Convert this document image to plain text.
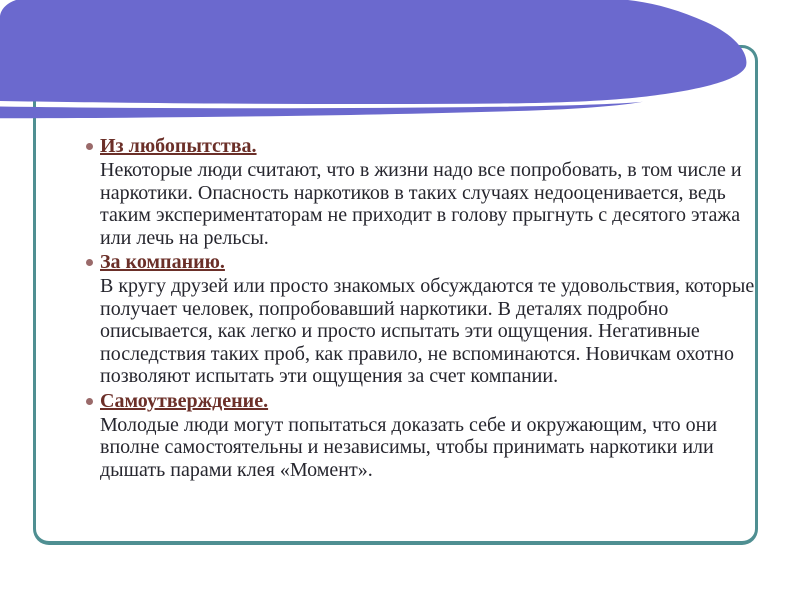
Из любопытства.

Некоторые люди считают, что в жизни надо все попробовать, в том числе и наркотики. Опасность наркотиков в таких случаях недооценивается, ведь таким экспериментаторам не приходит в голову прыгнуть с десятого этажа или лечь на рельсы.

За компанию.

В кругу друзей или просто знакомых обсуждаются те удовольствия, которые получает человек, попробовавший наркотики. В деталях подробно описывается, как легко и просто испытать эти ощущения. Негативные последствия таких проб, как правило, не вспоминаются. Новичкам охотно позволяют испытать эти ощущения за счет компании.

Самоутверждение.

Молодые люди могут попытаться доказать себе и окружающим, что они вполне самостоятельны и независимы, чтобы принимать наркотики или дышать парами клея «Момент».
